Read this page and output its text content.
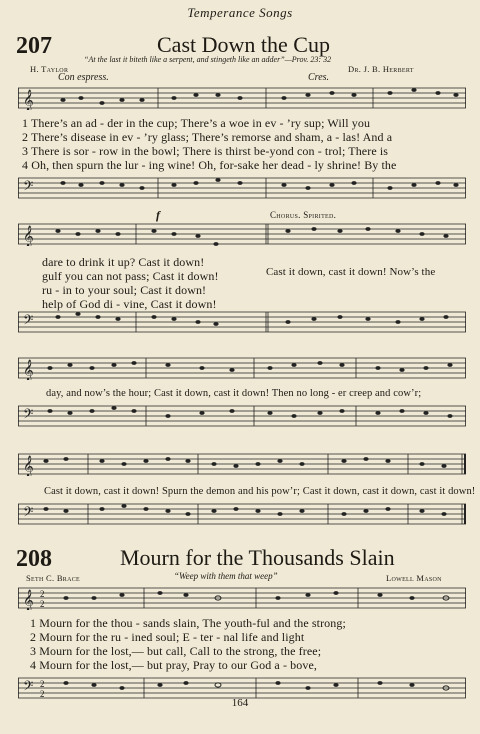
Temperance Songs
207	Cast Down the Cup
“At the last it biteth like a serpent, and stingeth like an adder”—Prov. 23: 32
H. Taylor	Dr. J. B. Herbert
Con espress.	Cres.
𝄞
1 There’s an ad - der in the cup; There’s a woe in ev - ’ry sup; Will you
2 There’s disease in ev - ’ry glass; There’s remorse and sham, a - las! And a
3 There is sor - row in the bowl; There is thirst be-yond con - trol; There is
4 Oh, then spurn the lur - ing wine! Oh, for-sake her dead - ly shrine! By the
𝄢
f	Chorus. Spirited.
𝄞
dare to drink it up? Cast it down!
gulf you can not pass; Cast it down!
ru - in to your soul; Cast it down!
help of God di - vine, Cast it down!
Cast it down, cast it down! Now’s the
𝄢
𝄞
day, and now’s the hour; Cast it down, cast it down! Then no long - er creep and cow’r;
𝄢
𝄞
Cast it down, cast it down! Spurn the demon and his pow’r; Cast it down, cast it down, cast it down!
𝄢
208	Mourn for the Thousands Slain
Seth C. Brace	“Weep with them that weep”	Lowell Mason
𝄞 2
2
1 Mourn for the thou - sands slain, The youth-ful and the strong;
2 Mourn for the ru - ined soul; E - ter - nal life and light
3 Mourn for the lost,— but call, Call to the strong, the free;
4 Mourn for the lost,— but pray, Pray to our God a - bove,
𝄢 2
2
164
